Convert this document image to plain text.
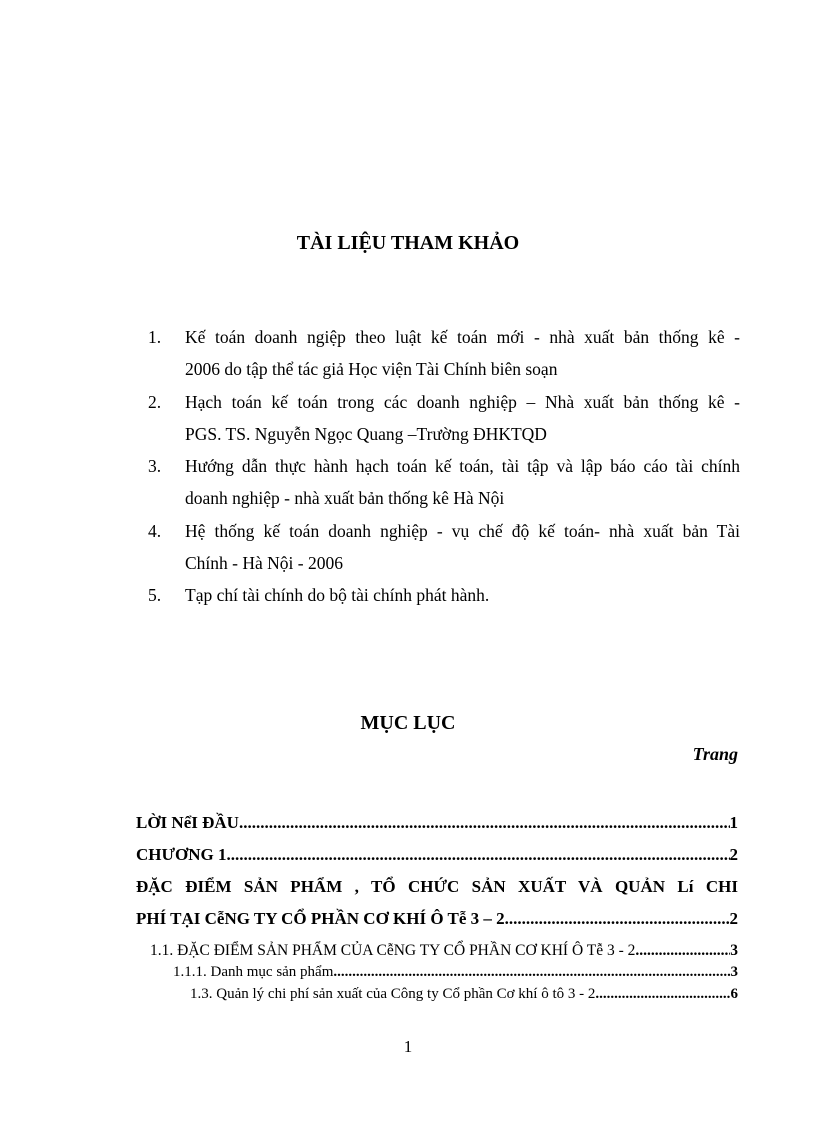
TÀI LIỆU THAM KHẢO
1.	Kế toán doanh ngiệp theo luật kế toán mới - nhà xuất bản thống kê -
2006 do tập thể tác giả Học viện Tài Chính biên soạn
2.	Hạch toán kế toán trong các doanh nghiệp – Nhà xuất bản thống kê -
PGS. TS. Nguyễn Ngọc Quang –Trường ĐHKTQD
3.	Hướng dẫn thực hành hạch toán kế toán, tài tập và lập báo cáo tài chính
doanh nghiệp - nhà xuất bản thống kê Hà Nội
4.	Hệ thống kế toán doanh nghiệp - vụ chế độ kế toán- nhà xuất bản Tài
Chính - Hà Nội - 2006
5.	Tạp chí tài chính do bộ tài chính phát hành.
MỤC LỤC
Trang
LỜI NểI ĐẦU .....	1
CHƯƠNG 1 .....	2
ĐẶC ĐIỂM SẢN PHẨM , TỔ CHỨC SẢN XUẤT VÀ QUẢN Lí CHI
PHÍ TẠI CễNG TY CỔ PHẦN CƠ KHÍ Ô Tễ 3 – 2 .....	2
1.1. ĐẶC ĐIỂM SẢN PHẨM CỦA CễNG TY CỔ PHẦN CƠ KHÍ Ô Tễ 3 - 2 .....	3
1.1.1. Danh mục sản phẩm .....	3
1.3. Quản lý chi phí sản xuất của Công ty Cổ phần Cơ khí ô tô 3 - 2 .....	6
1
